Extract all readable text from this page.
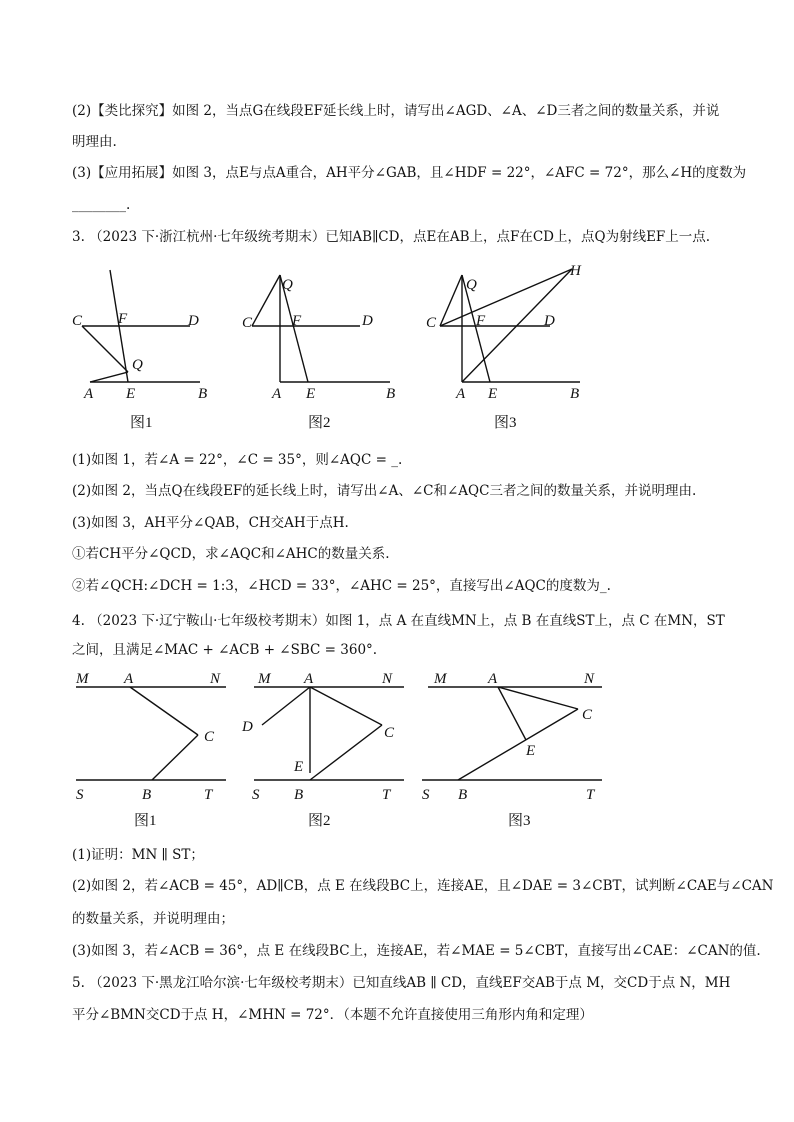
(2)【类比探究】如图 2，当点G在线段EF延长线上时，请写出∠AGD、∠A、∠D三者之间的数量关系，并说
明理由.
(3)【应用拓展】如图 3，点E与点A重合，AH平分∠GAB，且∠HDF = 22°，∠AFC = 72°，那么∠H的度数为
________.
3. （2023 下·浙江杭州·七年级统考期末）已知AB∥CD，点E在AB上，点F在CD上，点Q为射线EF上一点.
C F	D
Q
A E	B
图1
Q
C	F	D
A E	B
图2
H
Q
C	F	D
A E	B
图3
(1)如图 1，若∠A = 22°，∠C = 35°，则∠AQC = _.
(2)如图 2，当点Q在线段EF的延长线上时，请写出∠A、∠C和∠AQC三者之间的数量关系，并说明理由.
(3)如图 3，AH平分∠QAB，CH交AH于点H.
①若CH平分∠QCD，求∠AQC和∠AHC的数量关系.
②若∠QCH:∠DCH = 1:3，∠HCD = 33°，∠AHC = 25°，直接写出∠AQC的度数为_.
4. （2023 下·辽宁鞍山·七年级校考期末）如图 1，点 A 在直线MN上，点 B 在直线ST上，点 C 在MN，ST
之间，且满足∠MAC + ∠ACB + ∠SBC = 360°.
M A	N
C
S	B	T
图1
M A	N
D	C
E
S B	T
图2
M	A	N
C
E
S B	T
图3
(1)证明：MN ∥ ST；
(2)如图 2，若∠ACB = 45°，AD∥CB，点 E 在线段BC上，连接AE，且∠DAE = 3∠CBT，试判断∠CAE与∠CAN
的数量关系，并说明理由；
(3)如图 3，若∠ACB = 36°，点 E 在线段BC上，连接AE，若∠MAE = 5∠CBT，直接写出∠CAE：∠CAN的值.
5. （2023 下·黑龙江哈尔滨·七年级校考期末）已知直线AB ∥ CD，直线EF交AB于点 M，交CD于点 N，MH
平分∠BMN交CD于点 H，∠MHN = 72°．（本题不允许直接使用三角形内角和定理）
